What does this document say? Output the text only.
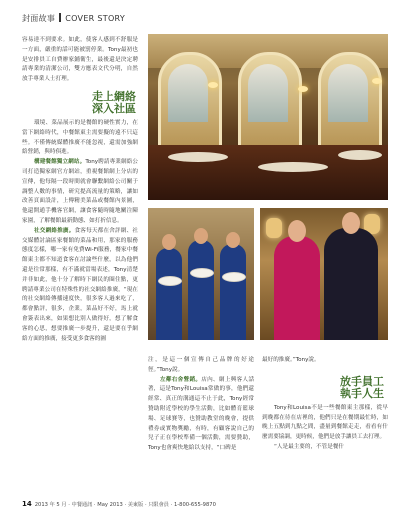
封面故事 COVER STORY
容易達不到要求。如此，使客人感到不舒服是一方面，嚴重的話可能被罰停業。Tony最初也是安排員工自費辦家鋪衛生，最後還是決定聘請專業的清潔公司，雙方應表文代分明，自然放手專業人士打理。
走上網絡
深入社區
環境、菜品展示的是餐館的硬性實力，在當下網絡時代，中餐館東主需要擬的遠不只這些。不僅傳統媒體推廣不能忽視，還需加強網絡營銷，與時俱進。
構建餐館獨立網站。Tony聘請專業網絡公司打造獨家網官方網站，重視餐館網上分店的宣傳，他每隔一段時間就會聯繫網絡公司關于調整人數的事情，研究提高流量的策略，讓如改善頁面設計，上傳精美菜品或餐館內景圖，他還開通手機客官網，讓食客隨時隨地關注陳家園，了解餐館最新動態、如打折信息。
社交網絡推廣。食客每天都在舍評網、社交媒體討論區家餐館的菜品和用，那家的服務態度怎樣，哪一家有免費Wi-Fi服務，餐家中餐館東主都不知道食客在討論些什麼，以為他們還是往常那樣，有不滿就當場表述，Tony清楚并非如此，他十分了解時下網民的圈住點，更聘請專業公司在特殊性的社交網絡推廣，“現在的社交網絡傳播速度快，很多客人過來吃了，都會點評，很多，企業，菜品好不好，馬上就會簽表出來，如果想比別人做得好，想了解食客的心思，想要推廣一步提升，還是要在乎網絡方面的推廣，接受更多食客的圖
注，是這一個宣傳自己品牌的好途徑。”Tony說。
左鄰右舍營銷。店內、網上興客人話著，這是Tony和Louisa常做的事，他們還經常、真正的溝通這不止于此，Tony經常贊助附近學校的學生活動，比如體育籃球場、足球賽等，也贊助教堂的晚會，提供禮券或實物獎勵，有時，有顧客說自己的兒子正在學校準備一個活動，需要贊助，Tony也會爽快地給以支持，“口碑是
最好的推廣。”Tony說。
放手員工
執手人生
Tony和Louisa不是一些餐館東主那樣，從早到晚都在待在店裡的，他們只是在餐期最忙時，如晚上五點到九點之間，盡量到餐館走走，看看有什麼需要協調，更時候，他們是放手讓員工去打理。
“人是最主要的，不管是餐什
14 2013 年 5 月 · 中餐通訊 · May 2013 · 美東版 · 只限會員 · 1-800-655-9870
